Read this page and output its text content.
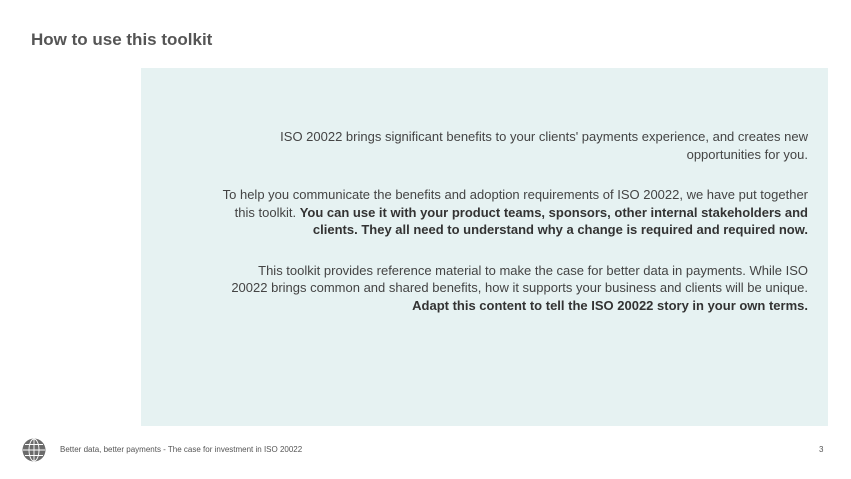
How to use this toolkit

ISO 20022 brings significant benefits to your clients' payments experience, and creates new opportunities for you.

To help you communicate the benefits and adoption requirements of ISO 20022, we have put together this toolkit. You can use it with your product teams, sponsors, other internal stakeholders and clients. They all need to understand why a change is required and required now.

This toolkit provides reference material to make the case for better data in payments. While ISO 20022 brings common and shared benefits, how it supports your business and clients will be unique. Adapt this content to tell the ISO 20022 story in your own terms.

Better data, better payments - The case for investment in ISO 20022	3
